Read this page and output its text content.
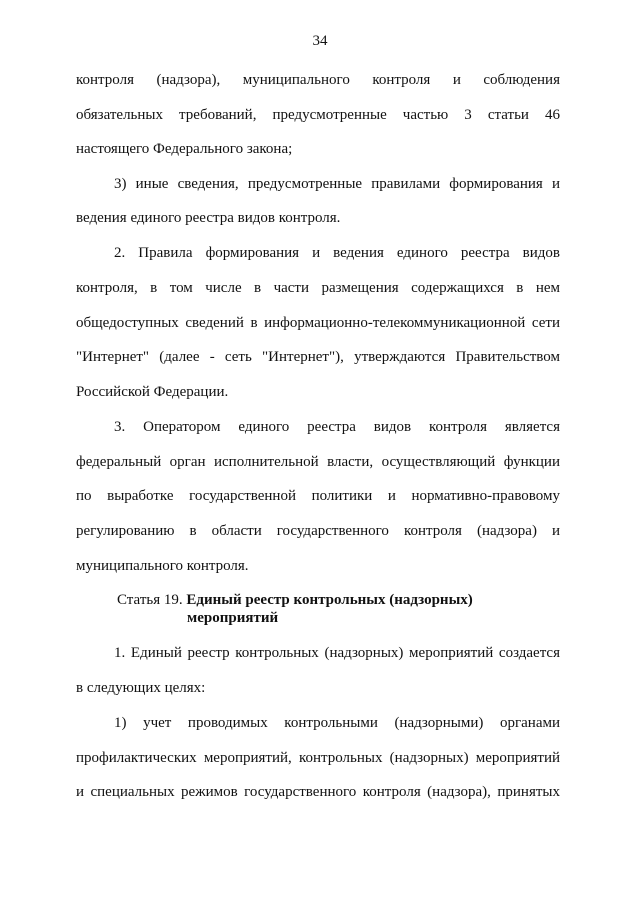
34
контроля (надзора), муниципального контроля и соблюдения
обязательных требований, предусмотренные частью 3 статьи 46
настоящего Федерального закона;
3) иные сведения, предусмотренные правилами формирования и
ведения единого реестра видов контроля.
2. Правила формирования и ведения единого реестра видов
контроля, в том числе в части размещения содержащихся в нем
общедоступных сведений в информационно-телекоммуникационной сети
"Интернет" (далее - сеть "Интернет"), утверждаются Правительством
Российской Федерации.
3. Оператором единого реестра видов контроля является
федеральный орган исполнительной власти, осуществляющий функции
по выработке государственной политики и нормативно-правовому
регулированию в области государственного контроля (надзора) и
муниципального контроля.
Статья 19. Единый реестр контрольных (надзорных)
мероприятий
1. Единый реестр контрольных (надзорных) мероприятий создается
в следующих целях:
1) учет проводимых контрольными (надзорными) органами
профилактических мероприятий, контрольных (надзорных) мероприятий
и специальных режимов государственного контроля (надзора), принятых
